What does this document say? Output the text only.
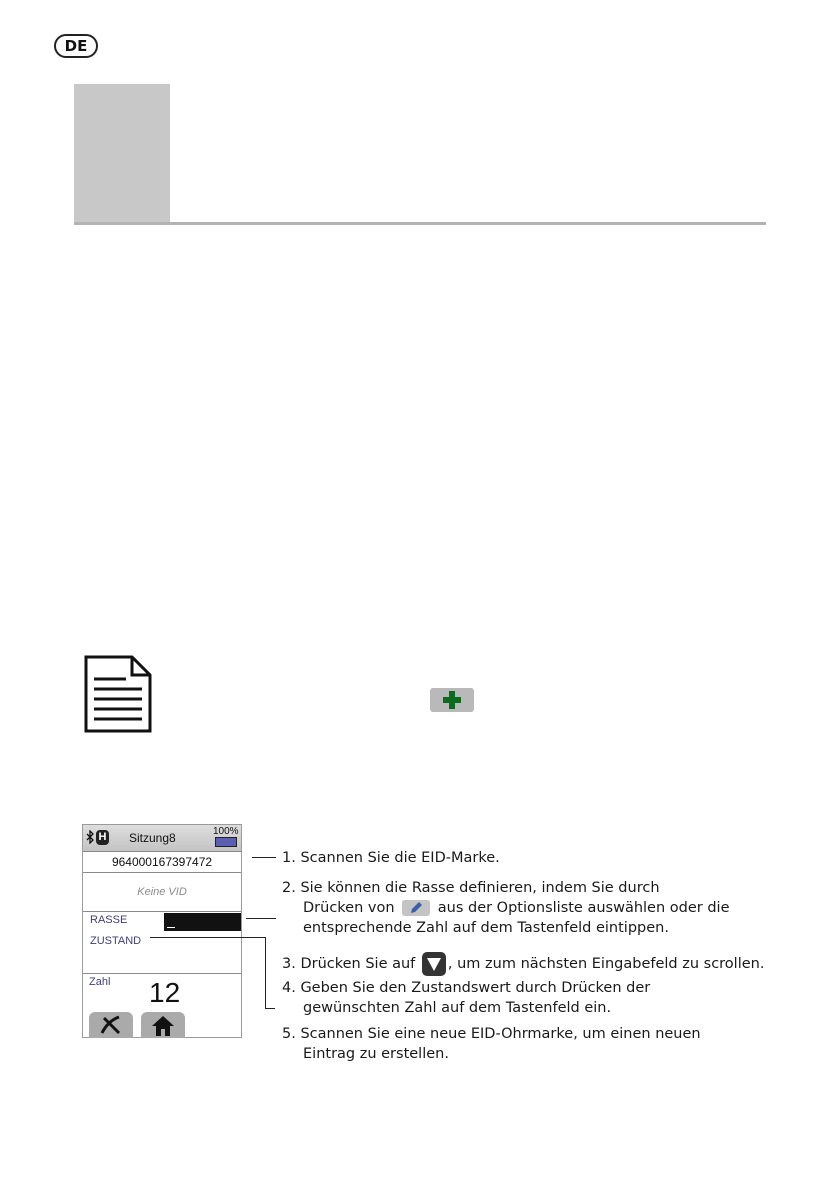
DE
H Sitzung8	100%
964000167397472
Keine VID
RASSE
ZUSTAND
Zahl 12
1. Scannen Sie die EID-Marke.
2. Sie können die Rasse definieren, indem Sie durch
Drücken von	aus der Optionsliste auswählen oder die
entsprechende Zahl auf dem Tastenfeld eintippen.
3. Drücken Sie auf , um zum nächsten Eingabefeld zu scrollen.
4. Geben Sie den Zustandswert durch Drücken der
gewünschten Zahl auf dem Tastenfeld ein.
5. Scannen Sie eine neue EID-Ohrmarke, um einen neuen
Eintrag zu erstellen.
